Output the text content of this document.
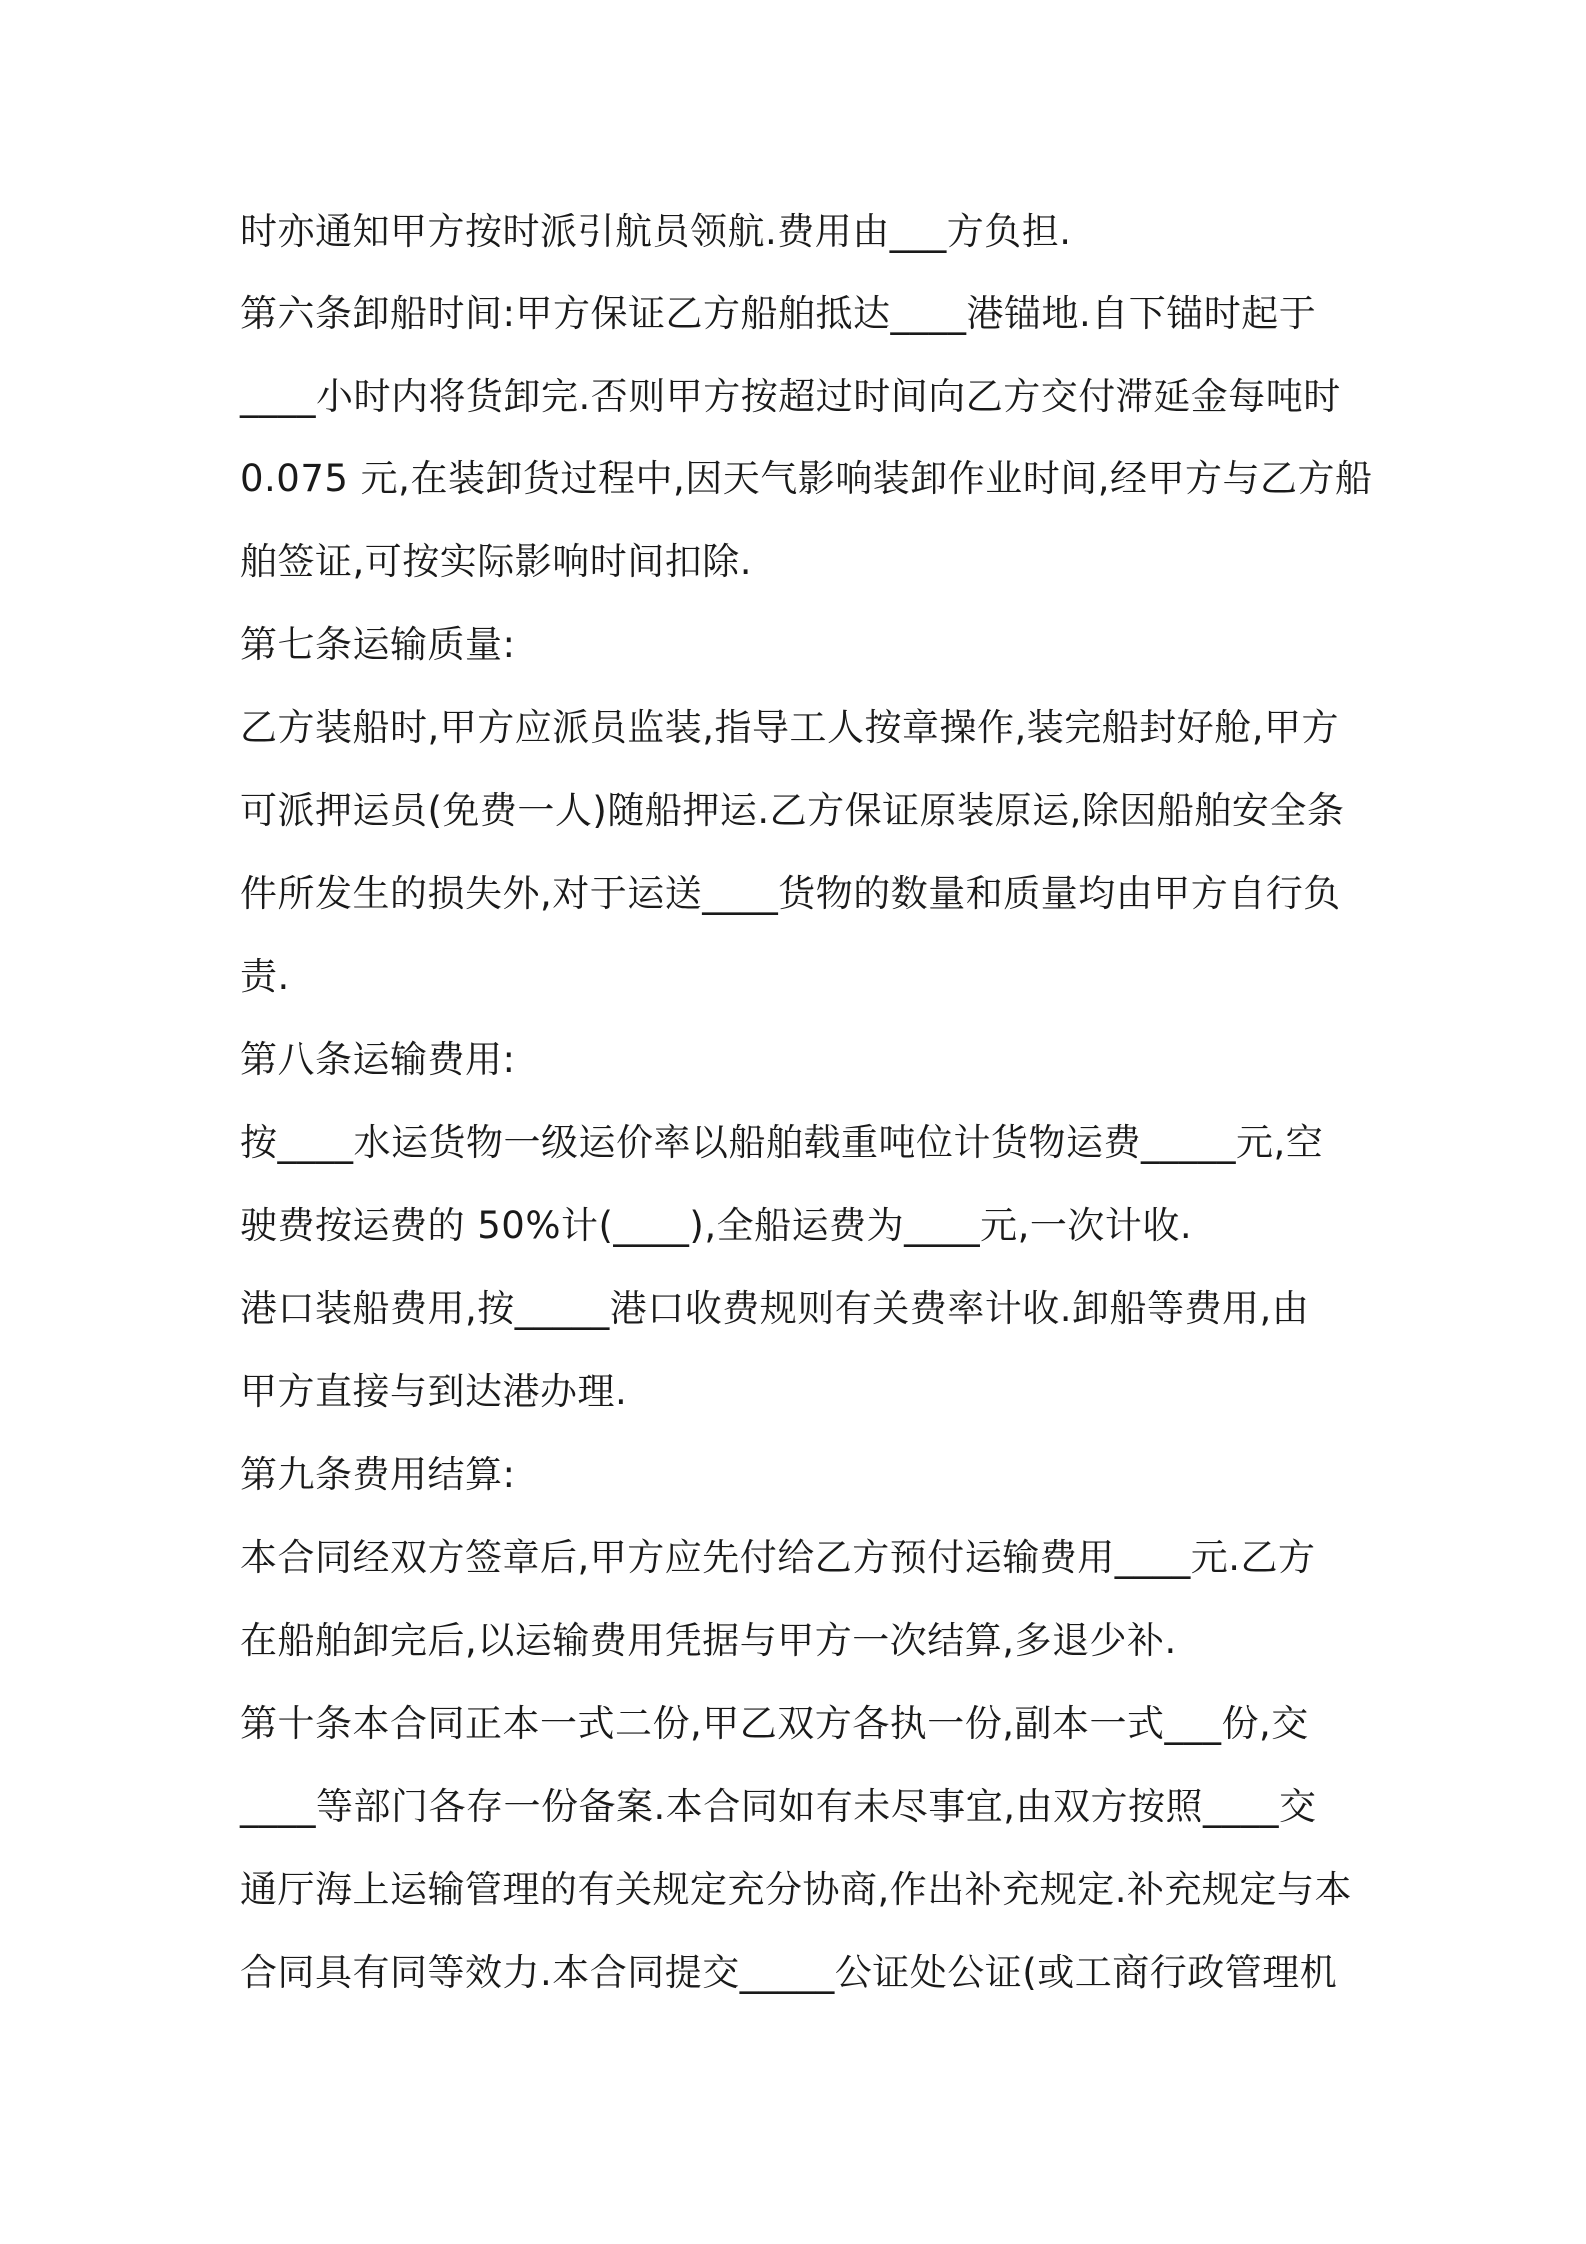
时亦通知甲方按时派引航员领航.费用由___方负担.
第六条卸船时间:甲方保证乙方船舶抵达____港锚地.自下锚时起于
____小时内将货卸完.否则甲方按超过时间向乙方交付滞延金每吨时
0.075 元,在装卸货过程中,因天气影响装卸作业时间,经甲方与乙方船
舶签证,可按实际影响时间扣除.
第七条运输质量:
乙方装船时,甲方应派员监装,指导工人按章操作,装完船封好舱,甲方
可派押运员(免费一人)随船押运.乙方保证原装原运,除因船舶安全条
件所发生的损失外,对于运送____货物的数量和质量均由甲方自行负
责.
第八条运输费用:
按____水运货物一级运价率以船舶载重吨位计货物运费_____元,空
驶费按运费的 50%计(____),全船运费为____元,一次计收.
港口装船费用,按_____港口收费规则有关费率计收.卸船等费用,由
甲方直接与到达港办理.
第九条费用结算:
本合同经双方签章后,甲方应先付给乙方预付运输费用____元.乙方
在船舶卸完后,以运输费用凭据与甲方一次结算,多退少补.
第十条本合同正本一式二份,甲乙双方各执一份,副本一式___份,交
____等部门各存一份备案.本合同如有未尽事宜,由双方按照____交
通厅海上运输管理的有关规定充分协商,作出补充规定.补充规定与本
合同具有同等效力.本合同提交_____公证处公证(或工商行政管理机
